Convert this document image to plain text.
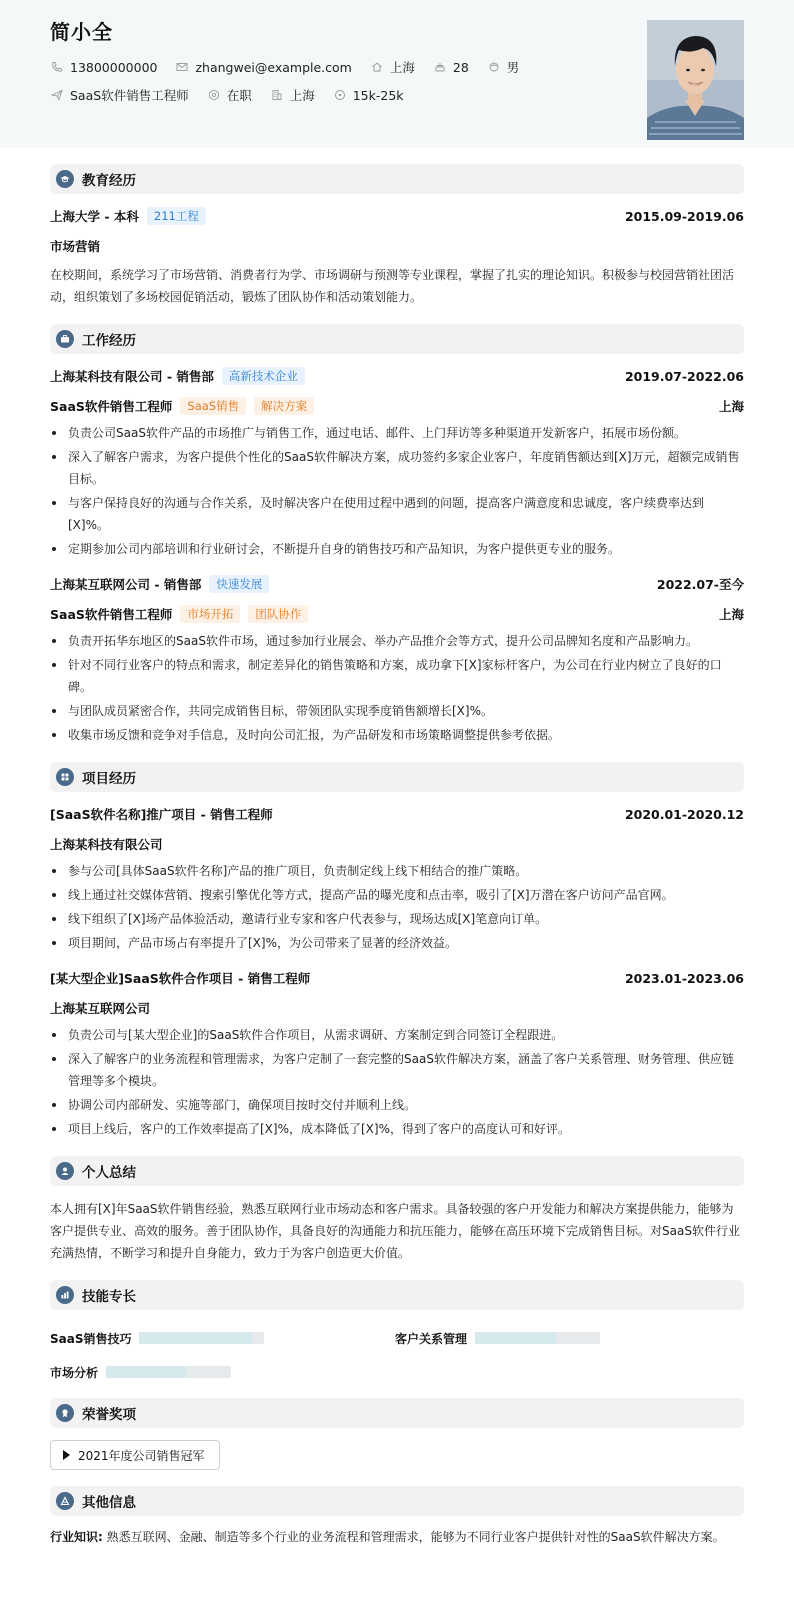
简小全
13800000000	zhangwei@example.com	上海	28	男
SaaS软件销售工程师	在职	上海	15k-25k
教育经历
上海大学 - 本科	211工程	2015.09-2019.06
市场营销
在校期间，系统学习了市场营销、消费者行为学、市场调研与预测等专业课程，掌握了扎实的理论知识。积极参与校园营销社团活动，组织策划了多场校园促销活动，锻炼了团队协作和活动策划能力。
工作经历
上海某科技有限公司 - 销售部	高新技术企业	2019.07-2022.06
SaaS软件销售工程师	SaaS销售	解决方案	上海
负责公司SaaS软件产品的市场推广与销售工作，通过电话、邮件、上门拜访等多种渠道开发新客户，拓展市场份额。
深入了解客户需求，为客户提供个性化的SaaS软件解决方案，成功签约多家企业客户，年度销售额达到[X]万元，超额完成销售目标。
与客户保持良好的沟通与合作关系，及时解决客户在使用过程中遇到的问题，提高客户满意度和忠诚度，客户续费率达到[X]%。
定期参加公司内部培训和行业研讨会，不断提升自身的销售技巧和产品知识，为客户提供更专业的服务。
上海某互联网公司 - 销售部	快速发展	2022.07-至今
SaaS软件销售工程师	市场开拓	团队协作	上海
负责开拓华东地区的SaaS软件市场，通过参加行业展会、举办产品推介会等方式，提升公司品牌知名度和产品影响力。
针对不同行业客户的特点和需求，制定差异化的销售策略和方案，成功拿下[X]家标杆客户，为公司在行业内树立了良好的口碑。
与团队成员紧密合作，共同完成销售目标，带领团队实现季度销售额增长[X]%。
收集市场反馈和竞争对手信息，及时向公司汇报，为产品研发和市场策略调整提供参考依据。
项目经历
[SaaS软件名称]推广项目 - 销售工程师	2020.01-2020.12
上海某科技有限公司
参与公司[具体SaaS软件名称]产品的推广项目，负责制定线上线下相结合的推广策略。
线上通过社交媒体营销、搜索引擎优化等方式，提高产品的曝光度和点击率，吸引了[X]万潜在客户访问产品官网。
线下组织了[X]场产品体验活动，邀请行业专家和客户代表参与，现场达成[X]笔意向订单。
项目期间，产品市场占有率提升了[X]%，为公司带来了显著的经济效益。
[某大型企业]SaaS软件合作项目 - 销售工程师	2023.01-2023.06
上海某互联网公司
负责公司与[某大型企业]的SaaS软件合作项目，从需求调研、方案制定到合同签订全程跟进。
深入了解客户的业务流程和管理需求，为客户定制了一套完整的SaaS软件解决方案，涵盖了客户关系管理、财务管理、供应链管理等多个模块。
协调公司内部研发、实施等部门，确保项目按时交付并顺利上线。
项目上线后，客户的工作效率提高了[X]%，成本降低了[X]%，得到了客户的高度认可和好评。
个人总结
本人拥有[X]年SaaS软件销售经验，熟悉互联网行业市场动态和客户需求。具备较强的客户开发能力和解决方案提供能力，能够为客户提供专业、高效的服务。善于团队协作，具备良好的沟通能力和抗压能力，能够在高压环境下完成销售目标。对SaaS软件行业充满热情，不断学习和提升自身能力，致力于为客户创造更大价值。
技能专长
SaaS销售技巧	客户关系管理
市场分析
荣誉奖项
2021年度公司销售冠军
其他信息
行业知识: 熟悉互联网、金融、制造等多个行业的业务流程和管理需求，能够为不同行业客户提供针对性的SaaS软件解决方案。
